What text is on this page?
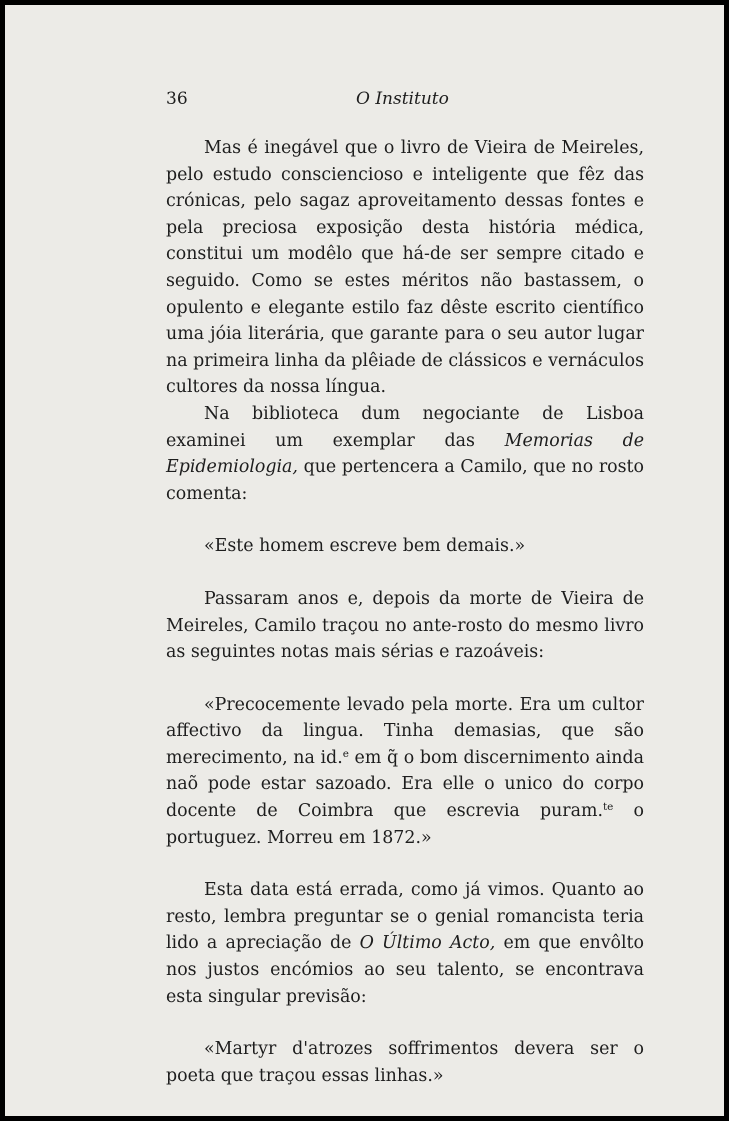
36	O Instituto

Mas é inegável que o livro de Vieira de Meireles, pelo estudo consciencioso e inteligente que fêz das crónicas, pelo sagaz aproveitamento dessas fontes e pela preciosa exposição desta história médica, constitui um modêlo que há-de ser sempre citado e seguido. Como se estes méritos não bastassem, o opulento e elegante estilo faz dêste escrito científico uma jóia literária, que garante para o seu autor lugar na primeira linha da plêiade de clássicos e vernáculos cultores da nossa língua.

Na biblioteca dum negociante de Lisboa examinei um exemplar das Memorias de Epidemiologia, que pertencera a Camilo, que no rosto comenta:

«Este homem escreve bem demais.»

Passaram anos e, depois da morte de Vieira de Meireles, Camilo traçou no ante-rosto do mesmo livro as seguintes notas mais sérias e razoáveis:

«Precocemente levado pela morte. Era um cultor affectivo da lingua. Tinha demasias, que são merecimento, na id.$^e$ em q̃ o bom discernimento ainda naõ pode estar sazoado. Era elle o unico do corpo docente de Coimbra que escrevia puram.$^{te}$ o portuguez. Morreu em 1872.»

Esta data está errada, como já vimos. Quanto ao resto, lembra preguntar se o genial romancista teria lido a apreciação de O Último Acto, em que envôlto nos justos encómios ao seu talento, se encontrava esta singular previsão:

«Martyr d'atrozes soffrimentos devera ser o poeta que traçou essas linhas.»
